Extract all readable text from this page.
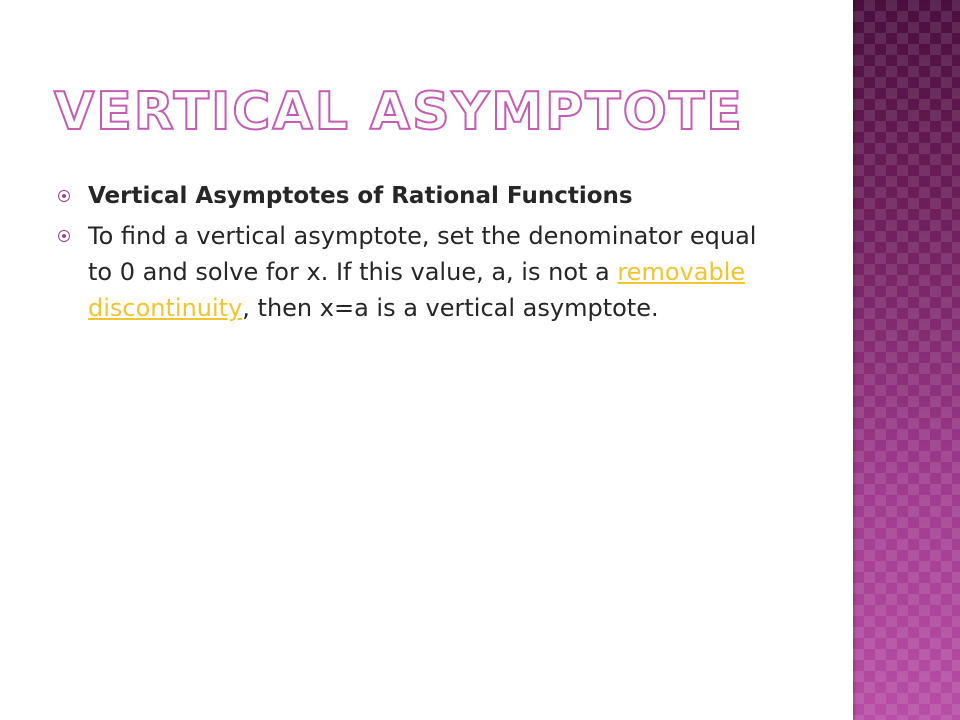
VERTICAL ASYMPTOTE
Vertical Asymptotes of Rational Functions
To find a vertical asymptote, set the denominator equal to 0 and solve for x. If this value, a, is not a removable discontinuity, then x=a is a vertical asymptote.
